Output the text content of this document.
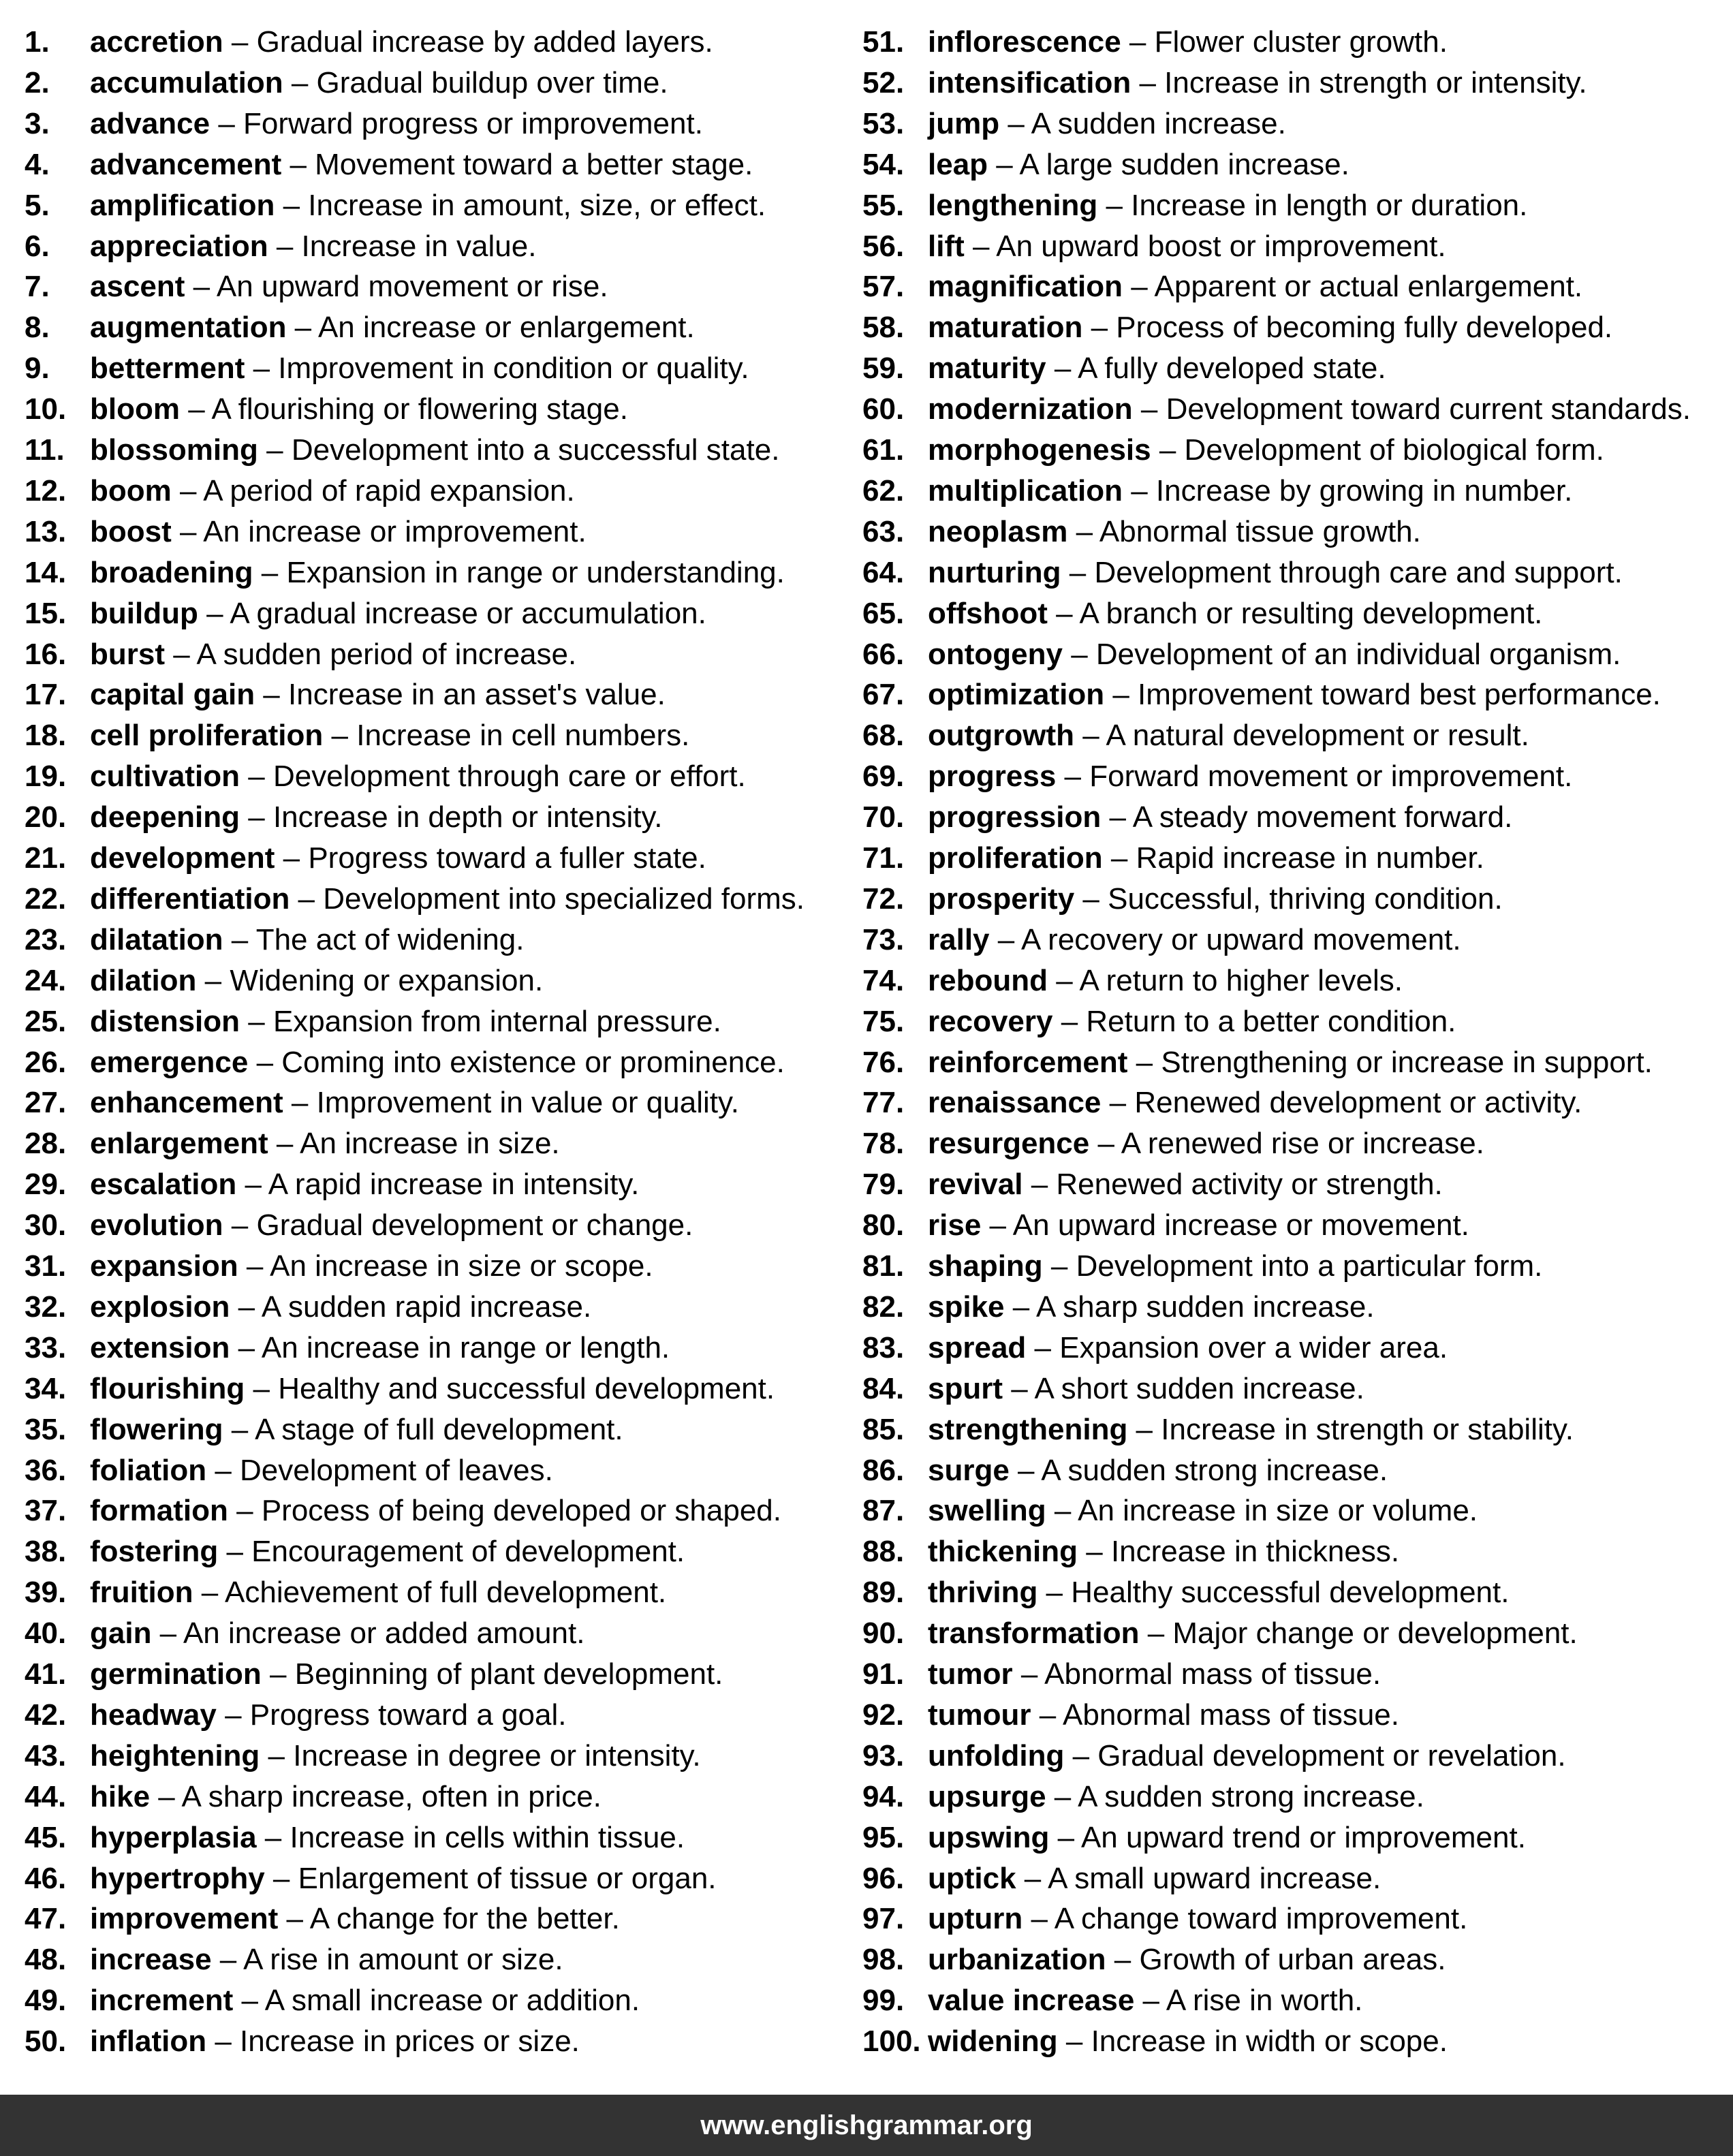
1. accretion – Gradual increase by added layers.
2. accumulation – Gradual buildup over time.
3. advance – Forward progress or improvement.
4. advancement – Movement toward a better stage.
5. amplification – Increase in amount, size, or effect.
6. appreciation – Increase in value.
7. ascent – An upward movement or rise.
8. augmentation – An increase or enlargement.
9. betterment – Improvement in condition or quality.
10. bloom – A flourishing or flowering stage.
11. blossoming – Development into a successful state.
12. boom – A period of rapid expansion.
13. boost – An increase or improvement.
14. broadening – Expansion in range or understanding.
15. buildup – A gradual increase or accumulation.
16. burst – A sudden period of increase.
17. capital gain – Increase in an asset's value.
18. cell proliferation – Increase in cell numbers.
19. cultivation – Development through care or effort.
20. deepening – Increase in depth or intensity.
21. development – Progress toward a fuller state.
22. differentiation – Development into specialized forms.
23. dilatation – The act of widening.
24. dilation – Widening or expansion.
25. distension – Expansion from internal pressure.
26. emergence – Coming into existence or prominence.
27. enhancement – Improvement in value or quality.
28. enlargement – An increase in size.
29. escalation – A rapid increase in intensity.
30. evolution – Gradual development or change.
31. expansion – An increase in size or scope.
32. explosion – A sudden rapid increase.
33. extension – An increase in range or length.
34. flourishing – Healthy and successful development.
35. flowering – A stage of full development.
36. foliation – Development of leaves.
37. formation – Process of being developed or shaped.
38. fostering – Encouragement of development.
39. fruition – Achievement of full development.
40. gain – An increase or added amount.
41. germination – Beginning of plant development.
42. headway – Progress toward a goal.
43. heightening – Increase in degree or intensity.
44. hike – A sharp increase, often in price.
45. hyperplasia – Increase in cells within tissue.
46. hypertrophy – Enlargement of tissue or organ.
47. improvement – A change for the better.
48. increase – A rise in amount or size.
49. increment – A small increase or addition.
50. inflation – Increase in prices or size.
51. inflorescence – Flower cluster growth.
52. intensification – Increase in strength or intensity.
53. jump – A sudden increase.
54. leap – A large sudden increase.
55. lengthening – Increase in length or duration.
56. lift – An upward boost or improvement.
57. magnification – Apparent or actual enlargement.
58. maturation – Process of becoming fully developed.
59. maturity – A fully developed state.
60. modernization – Development toward current standards.
61. morphogenesis – Development of biological form.
62. multiplication – Increase by growing in number.
63. neoplasm – Abnormal tissue growth.
64. nurturing – Development through care and support.
65. offshoot – A branch or resulting development.
66. ontogeny – Development of an individual organism.
67. optimization – Improvement toward best performance.
68. outgrowth – A natural development or result.
69. progress – Forward movement or improvement.
70. progression – A steady movement forward.
71. proliferation – Rapid increase in number.
72. prosperity – Successful, thriving condition.
73. rally – A recovery or upward movement.
74. rebound – A return to higher levels.
75. recovery – Return to a better condition.
76. reinforcement – Strengthening or increase in support.
77. renaissance – Renewed development or activity.
78. resurgence – A renewed rise or increase.
79. revival – Renewed activity or strength.
80. rise – An upward increase or movement.
81. shaping – Development into a particular form.
82. spike – A sharp sudden increase.
83. spread – Expansion over a wider area.
84. spurt – A short sudden increase.
85. strengthening – Increase in strength or stability.
86. surge – A sudden strong increase.
87. swelling – An increase in size or volume.
88. thickening – Increase in thickness.
89. thriving – Healthy successful development.
90. transformation – Major change or development.
91. tumor – Abnormal mass of tissue.
92. tumour – Abnormal mass of tissue.
93. unfolding – Gradual development or revelation.
94. upsurge – A sudden strong increase.
95. upswing – An upward trend or improvement.
96. uptick – A small upward increase.
97. upturn – A change toward improvement.
98. urbanization – Growth of urban areas.
99. value increase – A rise in worth.
100. widening – Increase in width or scope.
www.englishgrammar.org
